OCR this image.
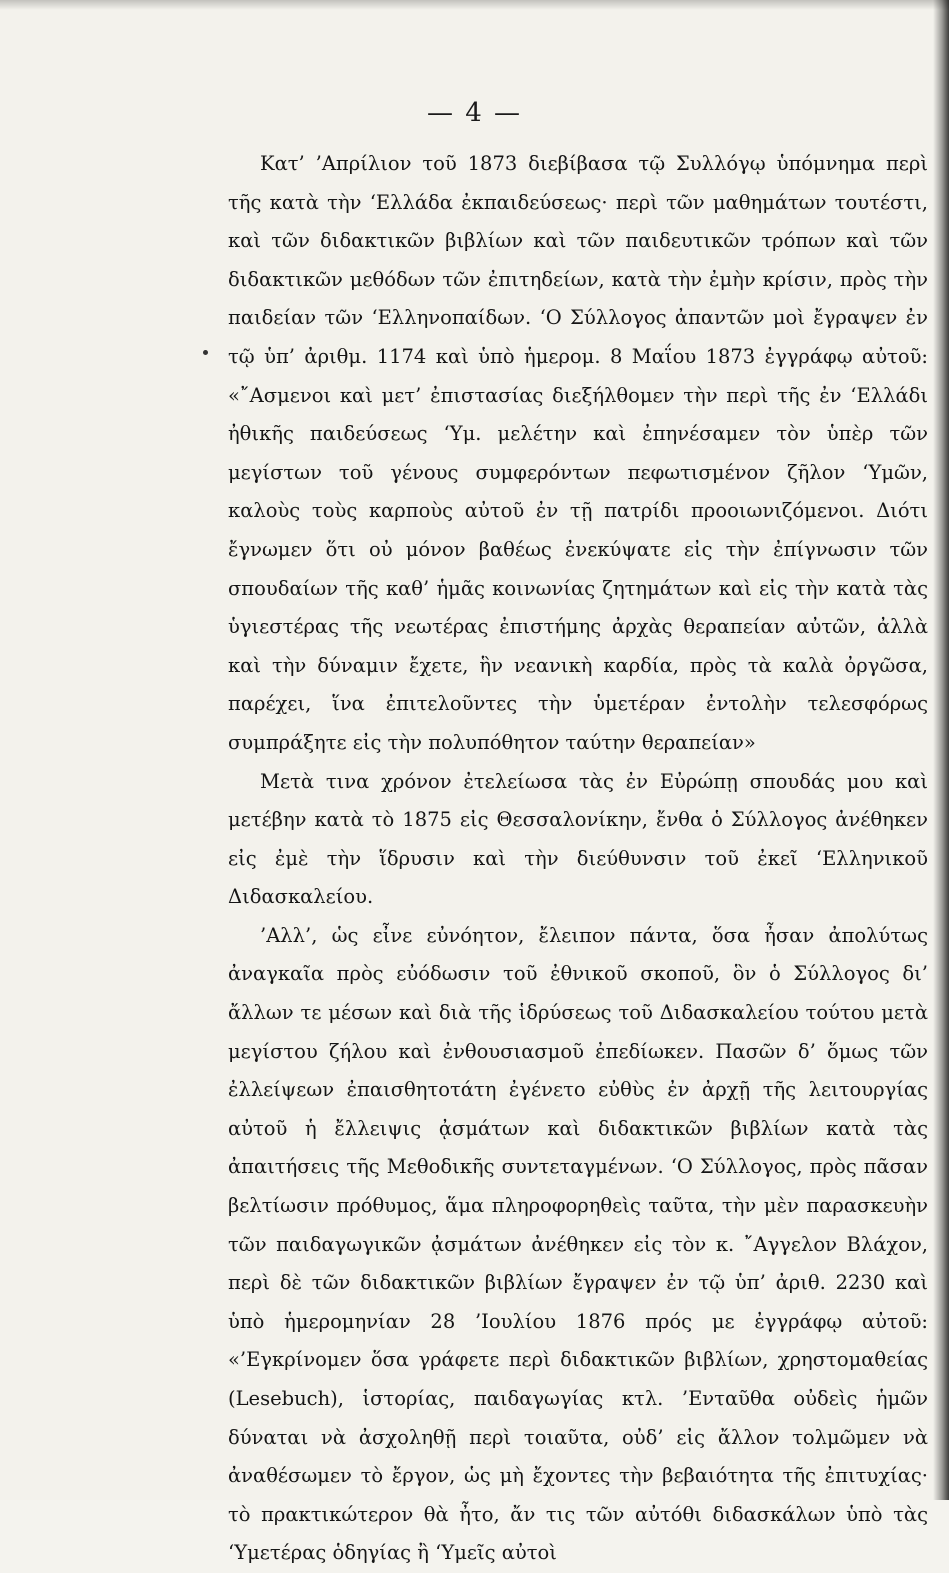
— 4 —

Κατ’ ’Απρίλιον τοῦ 1873 διεβίβασα τῷ Συλλόγῳ ὑπόμνημα περὶ τῆς κατὰ τὴν ‘Ελλάδα ἐκπαιδεύσεως· περὶ τῶν μαθημάτων τουτέστι, καὶ τῶν διδακτικῶν βιβλίων καὶ τῶν παιδευτικῶν τρόπων καὶ τῶν διδακτικῶν μεθόδων τῶν ἐπιτηδείων, κατὰ τὴν ἐμὴν κρίσιν, πρὸς τὴν παιδείαν τῶν ‘Ελληνοπαίδων. ‘Ο Σύλλογος ἀπαντῶν μοὶ ἔγραψεν ἐν τῷ ὑπ’ ἀριθμ. 1174 καὶ ὑπὸ ἡμερομ. 8 Μαΐου 1873 ἐγγράφῳ αὐτοῦ: «῎Ασμενοι καὶ μετ’ ἐπιστασίας διεξήλθομεν τὴν περὶ τῆς ἐν ‘Ελλάδι ἠθικῆς παιδεύσεως ‘Υμ. μελέτην καὶ ἐπηνέσαμεν τὸν ὑπὲρ τῶν μεγίστων τοῦ γένους συμφερόντων πεφωτισμένον ζῆλον ‘Υμῶν, καλοὺς τοὺς καρποὺς αὐτοῦ ἐν τῇ πατρίδι προοιωνιζόμενοι. Διότι ἔγνωμεν ὅτι οὐ μόνον βαθέως ἐνεκύψατε εἰς τὴν ἐπίγνωσιν τῶν σπουδαίων τῆς καθ’ ἡμᾶς κοινωνίας ζητημάτων καὶ εἰς τὴν κατὰ τὰς ὑγιεστέρας τῆς νεωτέρας ἐπιστήμης ἀρχὰς θεραπείαν αὐτῶν, ἀλλὰ καὶ τὴν δύναμιν ἔχετε, ἣν νεανικὴ καρδία, πρὸς τὰ καλὰ ὀργῶσα, παρέχει, ἵνα ἐπιτελοῦντες τὴν ὑμετέραν ἐντολὴν τελεσφόρως συμπράξητε εἰς τὴν πολυπόθητον ταύτην θεραπείαν»

Μετὰ τινα χρόνον ἐτελείωσα τὰς ἐν Εὐρώπῃ σπουδάς μου καὶ μετέβην κατὰ τὸ 1875 εἰς Θεσσαλονίκην, ἔνθα ὁ Σύλλογος ἀνέθηκεν εἰς ἐμὲ τὴν ἵδρυσιν καὶ τὴν διεύθυνσιν τοῦ ἐκεῖ ‘Ελληνικοῦ Διδασκαλείου.

’Αλλ’, ὡς εἶνε εὐνόητον, ἔλειπον πάντα, ὅσα ἦσαν ἀπολύτως ἀναγκαῖα πρὸς εὐόδωσιν τοῦ ἐθνικοῦ σκοποῦ, ὃν ὁ Σύλλογος δι’ ἄλλων τε μέσων καὶ διὰ τῆς ἱδρύσεως τοῦ Διδασκαλείου τούτου μετὰ μεγίστου ζήλου καὶ ἐνθουσιασμοῦ ἐπεδίωκεν. Πασῶν δ’ ὅμως τῶν ἐλλείψεων ἐπαισθητοτάτη ἐγένετο εὐθὺς ἐν ἀρχῇ τῆς λειτουργίας αὐτοῦ ἡ ἔλλειψις ᾀσμάτων καὶ διδακτικῶν βιβλίων κατὰ τὰς ἀπαιτήσεις τῆς Μεθοδικῆς συντεταγμένων. ‘Ο Σύλλογος, πρὸς πᾶσαν βελτίωσιν πρόθυμος, ἅμα πληροφορηθεὶς ταῦτα, τὴν μὲν παρασκευὴν τῶν παιδαγωγικῶν ᾀσμάτων ἀνέθηκεν εἰς τὸν κ. ῎Αγγελον Βλάχον, περὶ δὲ τῶν διδακτικῶν βιβλίων ἔγραψεν ἐν τῷ ὑπ’ ἀριθ. 2230 καὶ ὑπὸ ἡμερομηνίαν 28 ’Ιουλίου 1876 πρός με ἐγγράφῳ αὐτοῦ: «’Εγκρίνομεν ὅσα γράφετε περὶ διδακτικῶν βιβλίων, χρηστομαθείας (Lesebuch), ἱστορίας, παιδαγωγίας κτλ. ’Ενταῦθα οὐδεὶς ἡμῶν δύναται νὰ ἀσχοληθῇ περὶ τοιαῦτα, οὐδ’ εἰς ἄλλον τολμῶμεν νὰ ἀναθέσωμεν τὸ ἔργον, ὡς μὴ ἔχοντες τὴν βεβαιότητα τῆς ἐπιτυχίας· τὸ πρακτικώτερον θὰ ἦτο, ἄν τις τῶν αὐτόθι διδασκάλων ὑπὸ τὰς ‘Υμετέρας ὁδηγίας ἢ ‘Υμεῖς αὐτοὶ
